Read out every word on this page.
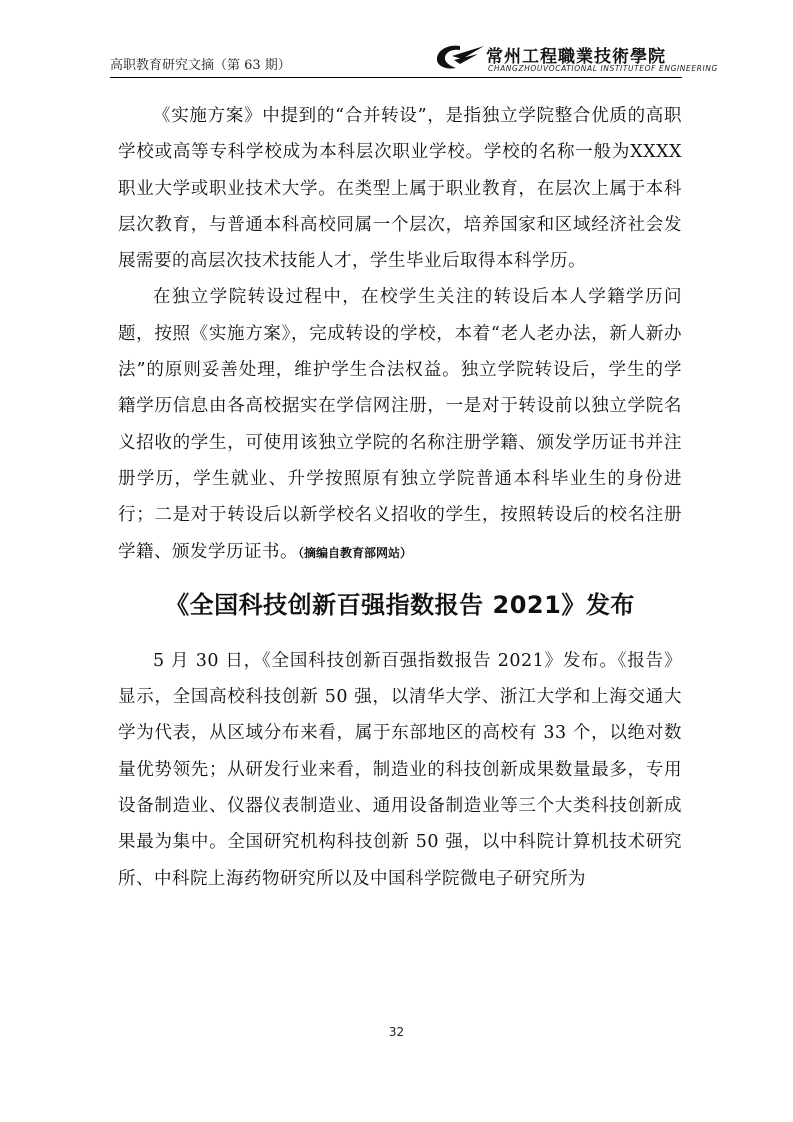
高职教育研究文摘（第 63 期）	常州工程職業技術學院
CHANGZHOUVOCATIONAL INSTITUTEOF ENGINEERING

《实施方案》中提到的“合并转设”，是指独立学院整合优质的高职学校或高等专科学校成为本科层次职业学校。学校的名称一般为XXXX职业大学或职业技术大学。在类型上属于职业教育，在层次上属于本科层次教育，与普通本科高校同属一个层次，培养国家和区域经济社会发展需要的高层次技术技能人才，学生毕业后取得本科学历。

在独立学院转设过程中，在校学生关注的转设后本人学籍学历问题，按照《实施方案》，完成转设的学校，本着“老人老办法，新人新办法”的原则妥善处理，维护学生合法权益。独立学院转设后，学生的学籍学历信息由各高校据实在学信网注册，一是对于转设前以独立学院名义招收的学生，可使用该独立学院的名称注册学籍、颁发学历证书并注册学历，学生就业、升学按照原有独立学院普通本科毕业生的身份进行；二是对于转设后以新学校名义招收的学生，按照转设后的校名注册学籍、颁发学历证书。（摘编自教育部网站）

《全国科技创新百强指数报告 2021》发布

5 月 30 日，《全国科技创新百强指数报告 2021》发布。《报告》显示，全国高校科技创新 50 强，以清华大学、浙江大学和上海交通大学为代表，从区域分布来看，属于东部地区的高校有 33 个，以绝对数量优势领先；从研发行业来看，制造业的科技创新成果数量最多，专用设备制造业、仪器仪表制造业、通用设备制造业等三个大类科技创新成果最为集中。全国研究机构科技创新 50 强，以中科院计算机技术研究所、中科院上海药物研究所以及中国科学院微电子研究所为

32
